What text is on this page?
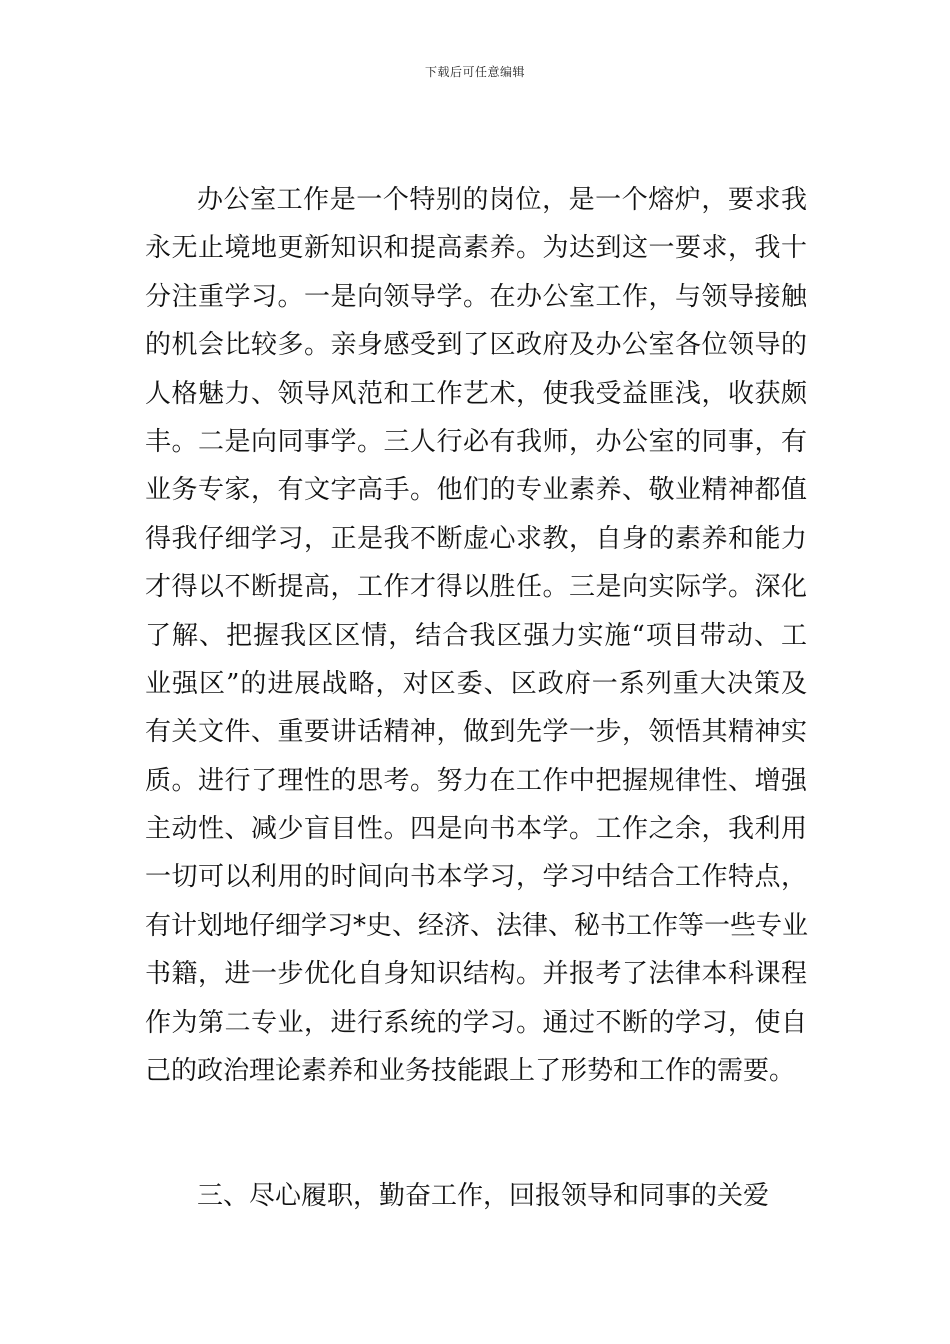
下载后可任意编辑
办公室工作是一个特别的岗位，是一个熔炉，要求我
永无止境地更新知识和提高素养。为达到这一要求，我十
分注重学习。一是向领导学。在办公室工作，与领导接触
的机会比较多。亲身感受到了区政府及办公室各位领导的
人格魅力、领导风范和工作艺术，使我受益匪浅，收获颇
丰。二是向同事学。三人行必有我师，办公室的同事，有
业务专家，有文字高手。他们的专业素养、敬业精神都值
得我仔细学习，正是我不断虚心求教，自身的素养和能力
才得以不断提高，工作才得以胜任。三是向实际学。深化
了解、把握我区区情，结合我区强力实施“项目带动、工
业强区”的进展战略，对区委、区政府一系列重大决策及
有关文件、重要讲话精神，做到先学一步，领悟其精神实
质。进行了理性的思考。努力在工作中把握规律性、增强
主动性、减少盲目性。四是向书本学。工作之余，我利用
一切可以利用的时间向书本学习，学习中结合工作特点，
有计划地仔细学习*史、经济、法律、秘书工作等一些专业
书籍，进一步优化自身知识结构。并报考了法律本科课程
作为第二专业，进行系统的学习。通过不断的学习，使自
己的政治理论素养和业务技能跟上了形势和工作的需要。
三、尽心履职，勤奋工作，回报领导和同事的关爱
